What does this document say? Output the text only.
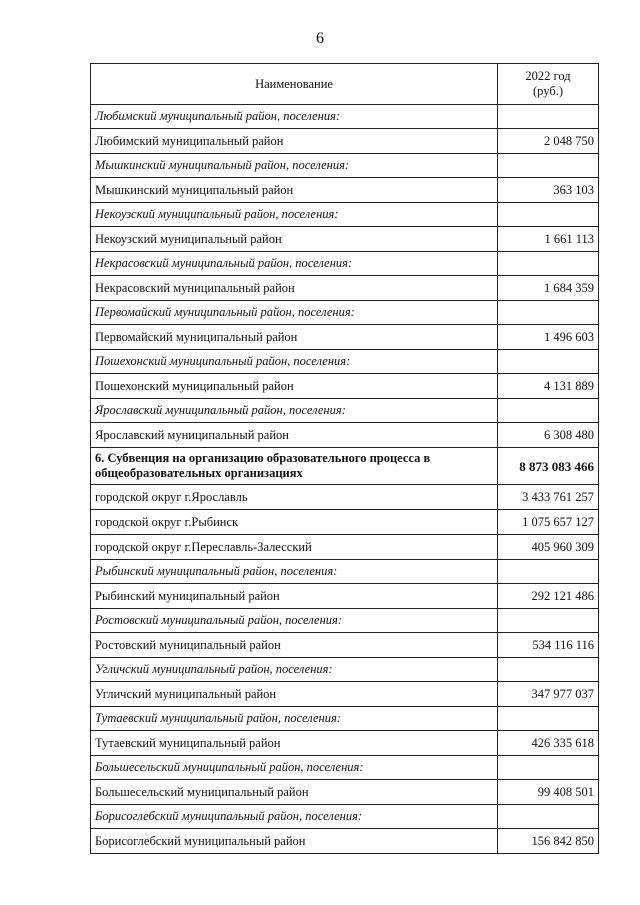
6
Наименование	2022 год
(руб.)
Любимский муниципальный район, поселения:	
Любимский муниципальный район	2 048 750
Мышкинский муниципальный район, поселения:	
Мышкинский муниципальный район	363 103
Некоузский муниципальный район, поселения:	
Некоузский муниципальный район	1 661 113
Некрасовский муниципальный район, поселения:	
Некрасовский муниципальный район	1 684 359
Первомайский муниципальный район, поселения:	
Первомайский муниципальный район	1 496 603
Пошехонский муниципальный район, поселения:	
Пошехонский муниципальный район	4 131 889
Ярославский муниципальный район, поселения:	
Ярославский муниципальный район	6 308 480
6. Субвенция на организацию образовательного процесса в общеобразовательных организациях	8 873 083 466
городской округ г.Ярославль	3 433 761 257
городской округ г.Рыбинск	1 075 657 127
городской округ г.Переславль-Залесский	405 960 309
Рыбинский муниципальный район, поселения:	
Рыбинский муниципальный район	292 121 486
Ростовский муниципальный район, поселения:	
Ростовский муниципальный район	534 116 116
Угличский муниципальный район, поселения:	
Угличский муниципальный район	347 977 037
Тутаевский муниципальный район, поселения:	
Тутаевский муниципальный район	426 335 618
Большесельский муниципальный район, поселения:	
Большесельский муниципальный район	99 408 501
Борисоглебский муниципальный район, поселения:	
Борисоглебский муниципальный район	156 842 850
